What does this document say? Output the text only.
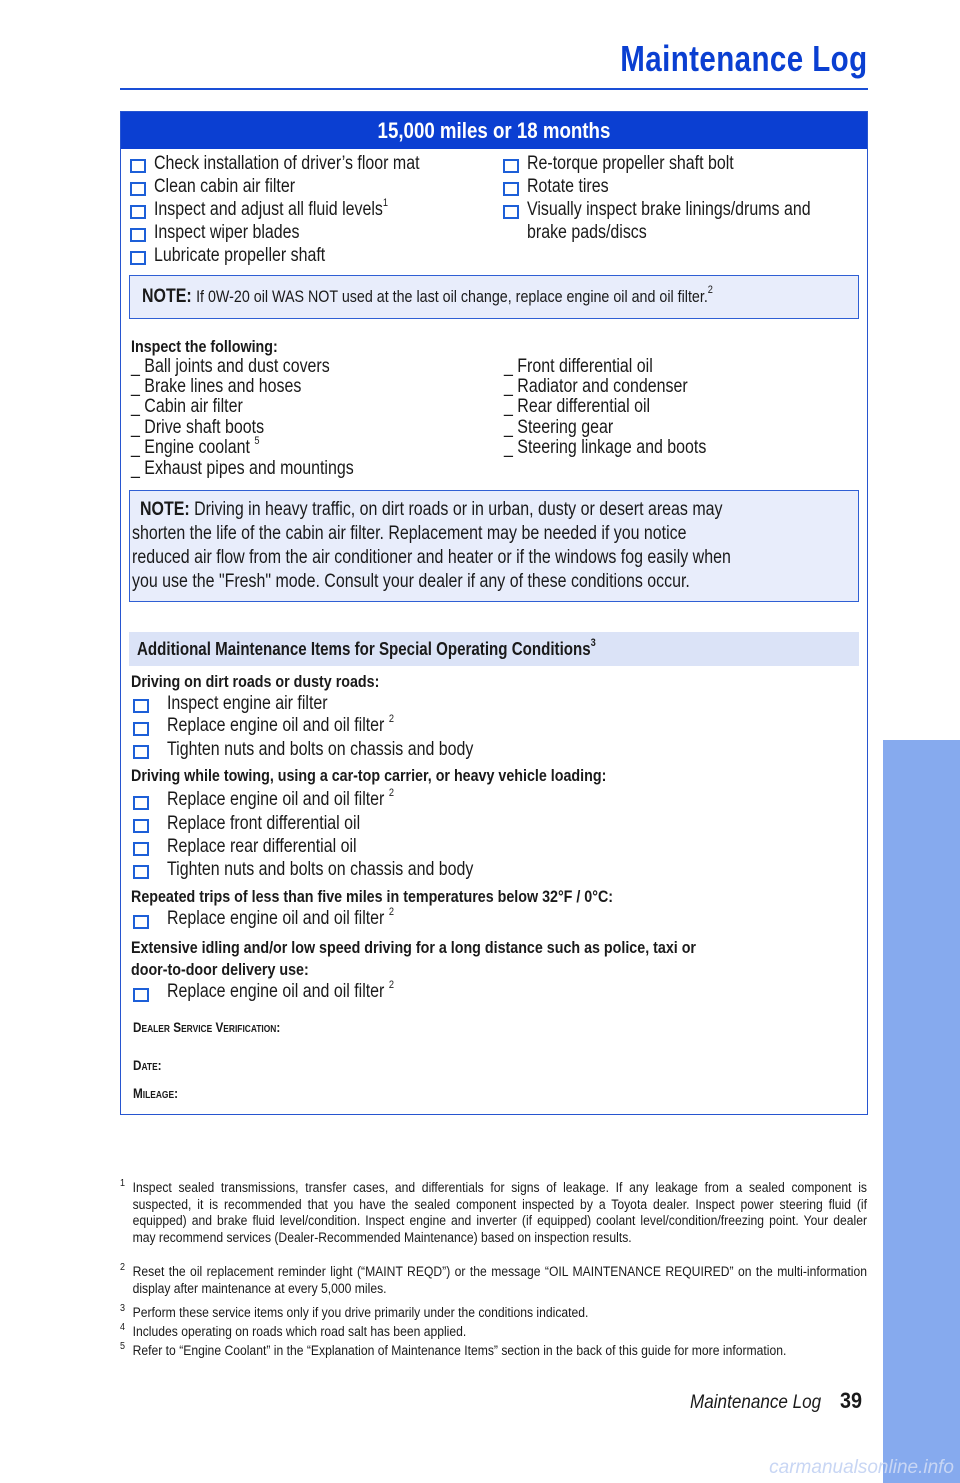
Maintenance Log
15,000 miles or 18 months
Check installation of driver’s floor mat
Clean cabin air filter
Inspect and adjust all fluid levels$^1$
Inspect wiper blades
Lubricate propeller shaft
Re-torque propeller shaft bolt
Rotate tires
Visually inspect brake linings/drums and
brake pads/discs
NOTE: If 0W-20 oil WAS NOT used at the last oil change, replace engine oil and oil filter.$^2$
Inspect the following:
_ Ball joints and dust covers
_ Brake lines and hoses
_ Cabin air filter
_ Drive shaft boots
_ Engine coolant $^5$
_ Exhaust pipes and mountings
_ Front differential oil
_ Radiator and condenser
_ Rear differential oil
_ Steering gear
_ Steering linkage and boots
NOTE: Driving in heavy traffic, on dirt roads or in urban, dusty or desert areas may
shorten the life of the cabin air filter. Replacement may be needed if you notice
reduced air flow from the air conditioner and heater or if the windows fog easily when
you use the "Fresh" mode. Consult your dealer if any of these conditions occur.
Additional Maintenance Items for Special Operating Conditions$^3$
Driving on dirt roads or dusty roads:
Inspect engine air filter
Replace engine oil and oil filter $^2$
Tighten nuts and bolts on chassis and body
Driving while towing, using a car-top carrier, or heavy vehicle loading:
Replace engine oil and oil filter $^2$
Replace front differential oil
Replace rear differential oil
Tighten nuts and bolts on chassis and body
Repeated trips of less than five miles in temperatures below 32°F / 0°C:
Replace engine oil and oil filter $^2$
Extensive idling and/or low speed driving for a long distance such as police, taxi or
door-to-door delivery use:
Replace engine oil and oil filter $^2$
Dealer Service Verification:
Date:
Mileage:
1 Inspect sealed transmissions, transfer cases, and differentials for signs of leakage. If any leakage from a sealed component is suspected, it is recommended that you have the sealed component inspected by a Toyota dealer. Inspect power steering fluid (if equipped) and brake fluid level/condition. Inspect engine and inverter (if equipped) coolant level/condition/freezing point. Your dealer may recommend services (Dealer-Recommended Maintenance) based on inspection results.
2 Reset the oil replacement reminder light (“MAINT REQD”) or the message “OIL MAINTENANCE REQUIRED” on the multi-information display after maintenance at every 5,000 miles.
3 Perform these service items only if you drive primarily under the conditions indicated.
4 Includes operating on roads which road salt has been applied.
5 Refer to “Engine Coolant” in the “Explanation of Maintenance Items” section in the back of this guide for more information.
Maintenance Log 39
carmanualsonline.info
